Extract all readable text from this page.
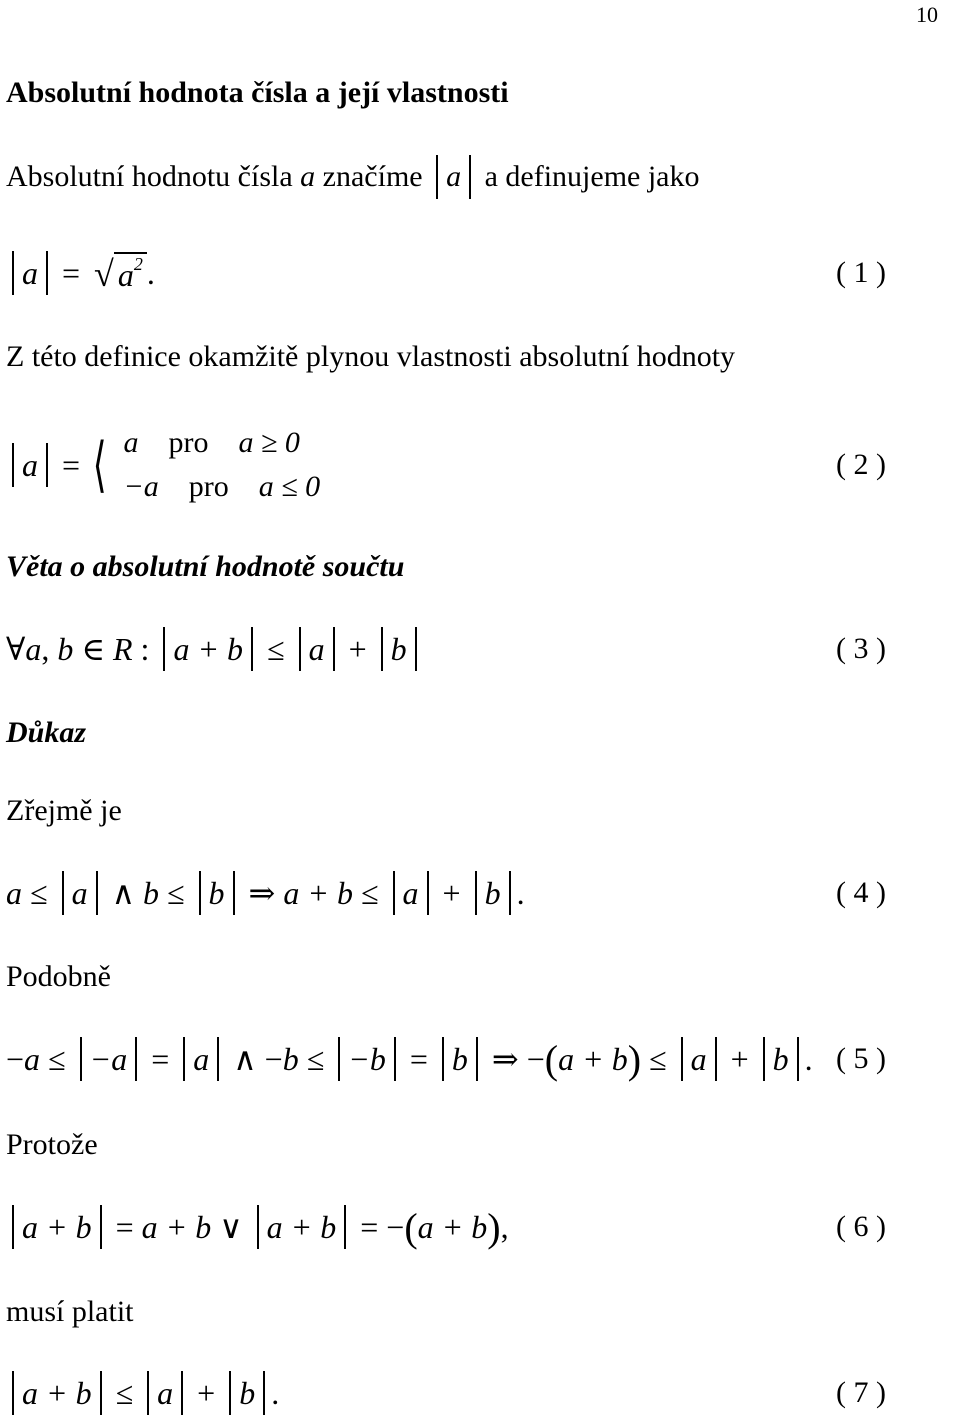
10
Absolutní hodnota čísla a její vlastnosti
Absolutní hodnotu čísla a značíme a a definujeme jako
a = √ $a^2$ .	( 1 )
Z této definice okamžitě plynou vlastnosti absolutní hodnoty
a = ⟨ a pro a ≥ 0
−a pro a ≤ 0
( 2 )
Věta o absolutní hodnotě součtu
∀ a , b ∈ R : a + b ≤ a + b	( 3 )
Důkaz
Zřejmě je
a ≤ a ∧ b ≤ b ⇒ a + b ≤ a + b .	( 4 )
Podobně
− a ≤ −a = a ∧ − b ≤ −b = b ⇒ − ( a + b ) ≤ a + b . ( 5 )
Protože
a + b = a + b ∨ a + b = − ( a + b ) ,	( 6 )
musí platit
a + b ≤ a + b .	( 7 )
